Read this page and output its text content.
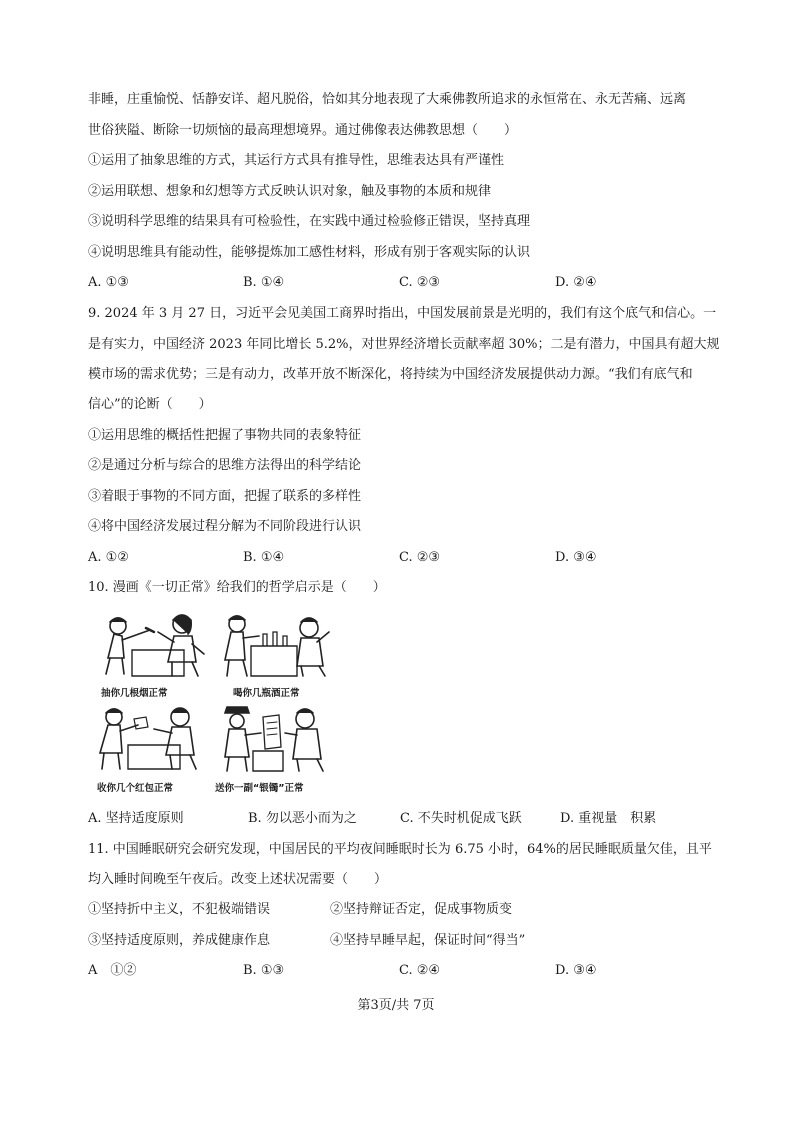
非睡，庄重愉悦、恬静安详、超凡脱俗，恰如其分地表现了大乘佛教所追求的永恒常在、永无苦痛、远离
世俗狭隘、断除一切烦恼的最高理想境界。通过佛像表达佛教思想（　　）
①运用了抽象思维的方式，其运行方式具有推导性，思维表达具有严谨性
②运用联想、想象和幻想等方式反映认识对象，触及事物的本质和规律
③说明科学思维的结果具有可检验性，在实践中通过检验修正错误，坚持真理
④说明思维具有能动性，能够提炼加工感性材料，形成有别于客观实际的认识
A. ①③	B. ①④	C. ②③	D. ②④
9. 2024 年 3 月 27 日，习近平会见美国工商界时指出，中国发展前景是光明的，我们有这个底气和信心。一
是有实力，中国经济 2023 年同比增长 5.2%，对世界经济增长贡献率超 30%；二是有潜力，中国具有超大规
模市场的需求优势；三是有动力，改革开放不断深化，将持续为中国经济发展提供动力源。“我们有底气和
信心”的论断（　　）
①运用思维的概括性把握了事物共同的表象特征
②是通过分析与综合的思维方法得出的科学结论
③着眼于事物的不同方面，把握了联系的多样性
④将中国经济发展过程分解为不同阶段进行认识
A. ①②	B. ①④	C. ②③	D. ③④
10. 漫画《一切正常》给我们的哲学启示是（　　）
抽你几根烟正常	喝你几瓶酒正常
收你几个红包正常	送你一副“银镯”正常
A. 坚持适度原则	B. 勿以恶小而为之	C. 不失时机促成飞跃	D. 重视量　积累
11. 中国睡眠研究会研究发现，中国居民的平均夜间睡眠时长为 6.75 小时，64%的居民睡眠质量欠佳，且平
均入睡时间晚至午夜后。改变上述状况需要（　　）
①坚持折中主义，不犯极端错误	②坚持辩证否定，促成事物质变
③坚持适度原则，养成健康作息	④坚持早睡早起，保证时间“得当”
A　①②	B. ①③	C. ②④	D. ③④
第3页/共 7页
